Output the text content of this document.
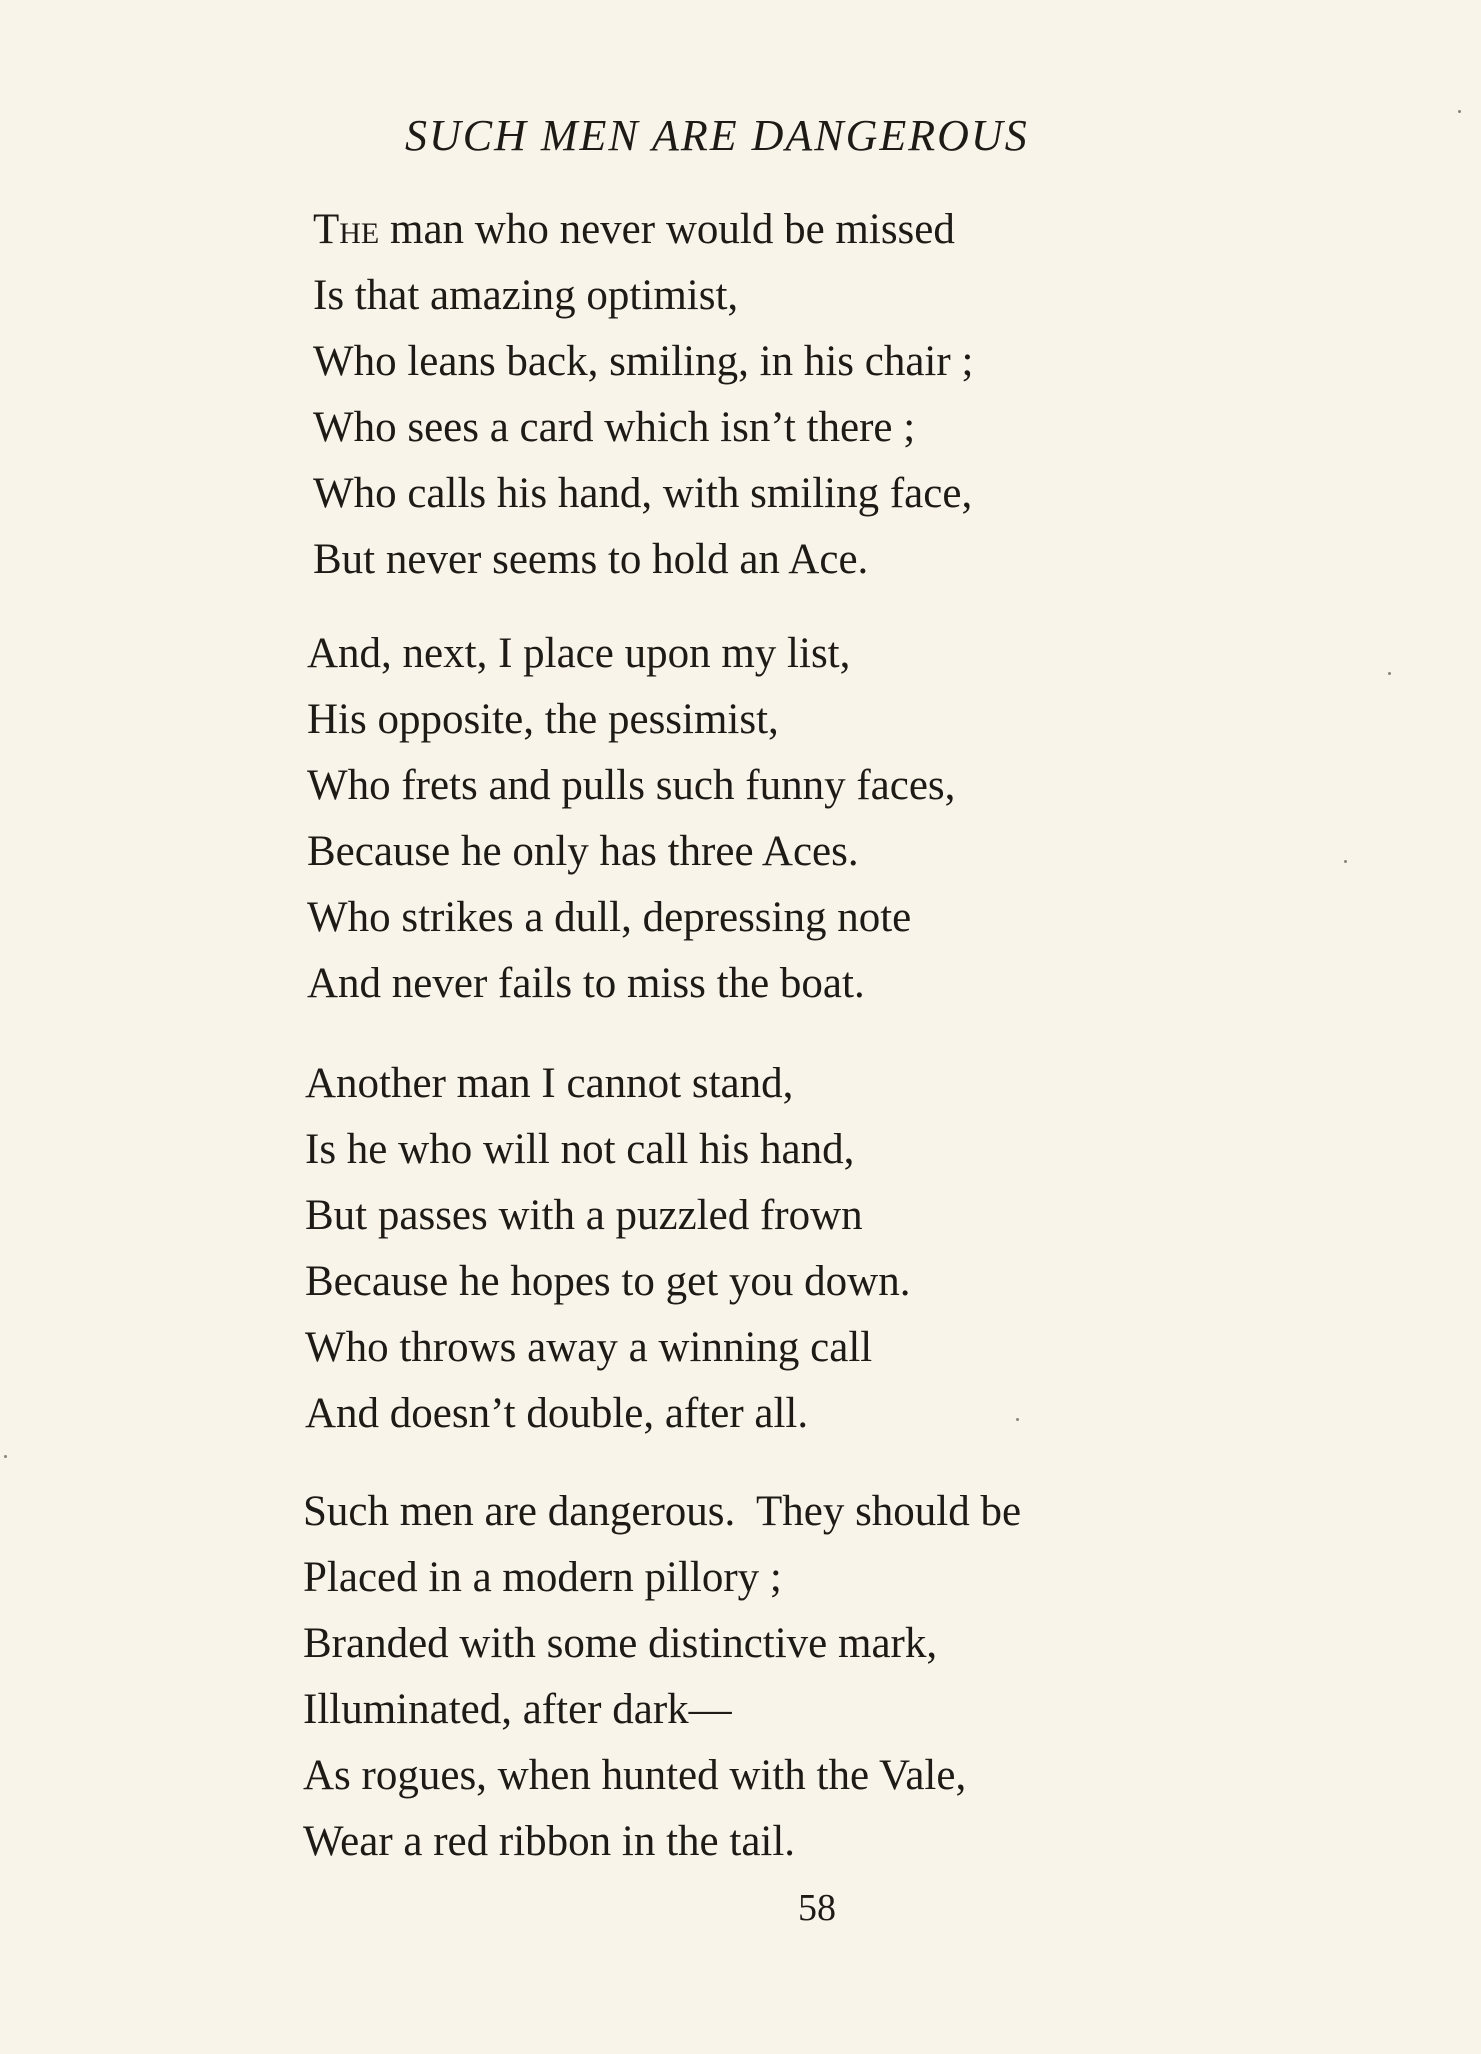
SUCH MEN ARE DANGEROUS
The man who never would be missed
Is that amazing optimist,
Who leans back, smiling, in his chair ;
Who sees a card which isn’t there ;
Who calls his hand, with smiling face,
But never seems to hold an Ace.
And, next, I place upon my list,
His opposite, the pessimist,
Who frets and pulls such funny faces,
Because he only has three Aces.
Who strikes a dull, depressing note
And never fails to miss the boat.
Another man I cannot stand,
Is he who will not call his hand,
But passes with a puzzled frown
Because he hopes to get you down.
Who throws away a winning call
And doesn’t double, after all.
Such men are dangerous.  They should be
Placed in a modern pillory ;
Branded with some distinctive mark,
Illuminated, after dark—
As rogues, when hunted with the Vale,
Wear a red ribbon in the tail.
58
